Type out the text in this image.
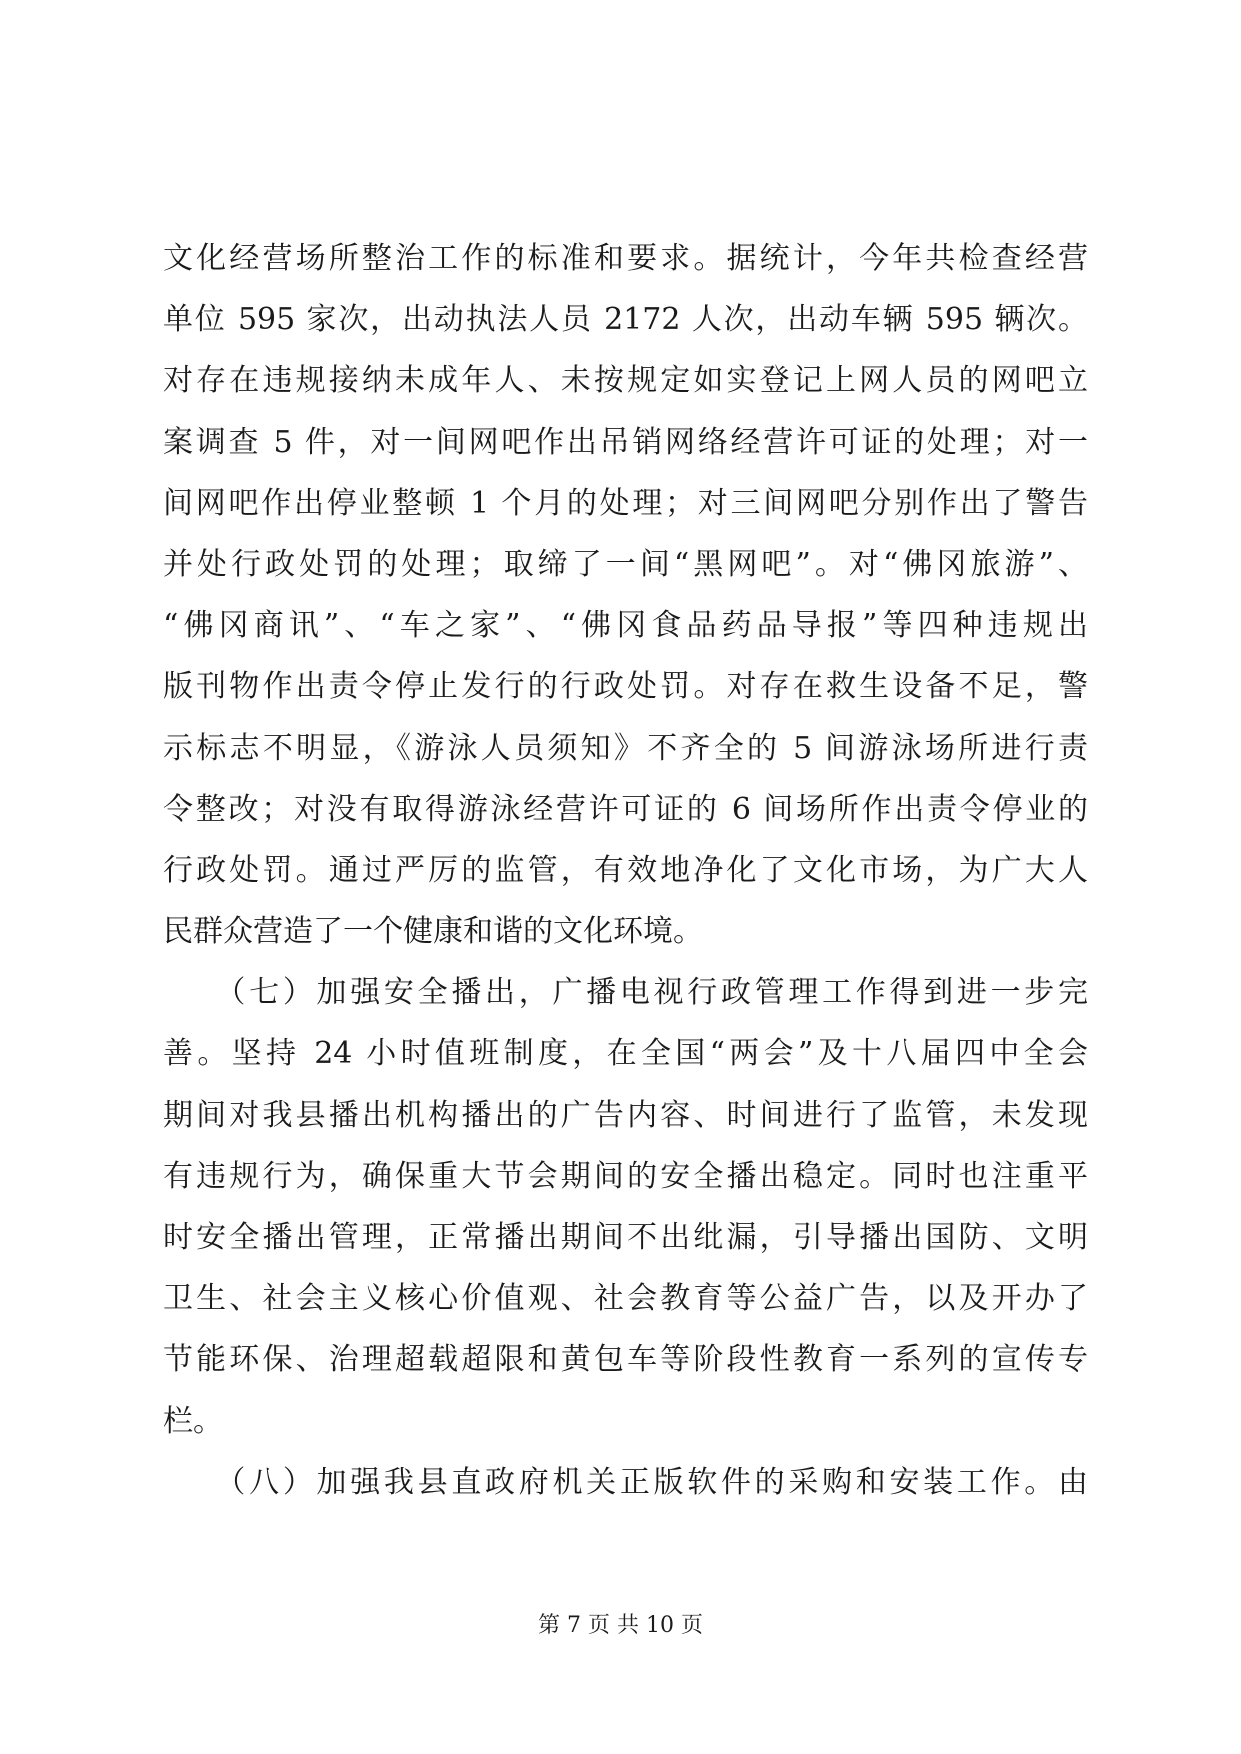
文化经营场所整治工作的标准和要求。据统计，今年共检查经营
单位 595 家次，出动执法人员 2172 人次，出动车辆 595 辆次。
对存在违规接纳未成年人、未按规定如实登记上网人员的网吧立
案调查 5 件，对一间网吧作出吊销网络经营许可证的处理；对一
间网吧作出停业整顿 1 个月的处理；对三间网吧分别作出了警告
并处行政处罚的处理；取缔了一间“黑网吧”。对“佛冈旅游”、
“佛冈商讯”、“车之家”、“佛冈食品药品导报”等四种违规出
版刊物作出责令停止发行的行政处罚。对存在救生设备不足，警
示标志不明显，《游泳人员须知》不齐全的 5 间游泳场所进行责
令整改；对没有取得游泳经营许可证的 6 间场所作出责令停业的
行政处罚。通过严厉的监管，有效地净化了文化市场，为广大人
民群众营造了一个健康和谐的文化环境。
　　（七）加强安全播出，广播电视行政管理工作得到进一步完
善。坚持 24 小时值班制度，在全国“两会”及十八届四中全会
期间对我县播出机构播出的广告内容、时间进行了监管，未发现
有违规行为，确保重大节会期间的安全播出稳定。同时也注重平
时安全播出管理，正常播出期间不出纰漏，引导播出国防、文明
卫生、社会主义核心价值观、社会教育等公益广告，以及开办了
节能环保、治理超载超限和黄包车等阶段性教育一系列的宣传专
栏。
　　（八）加强我县直政府机关正版软件的采购和安装工作。由
第 7 页 共 10 页
